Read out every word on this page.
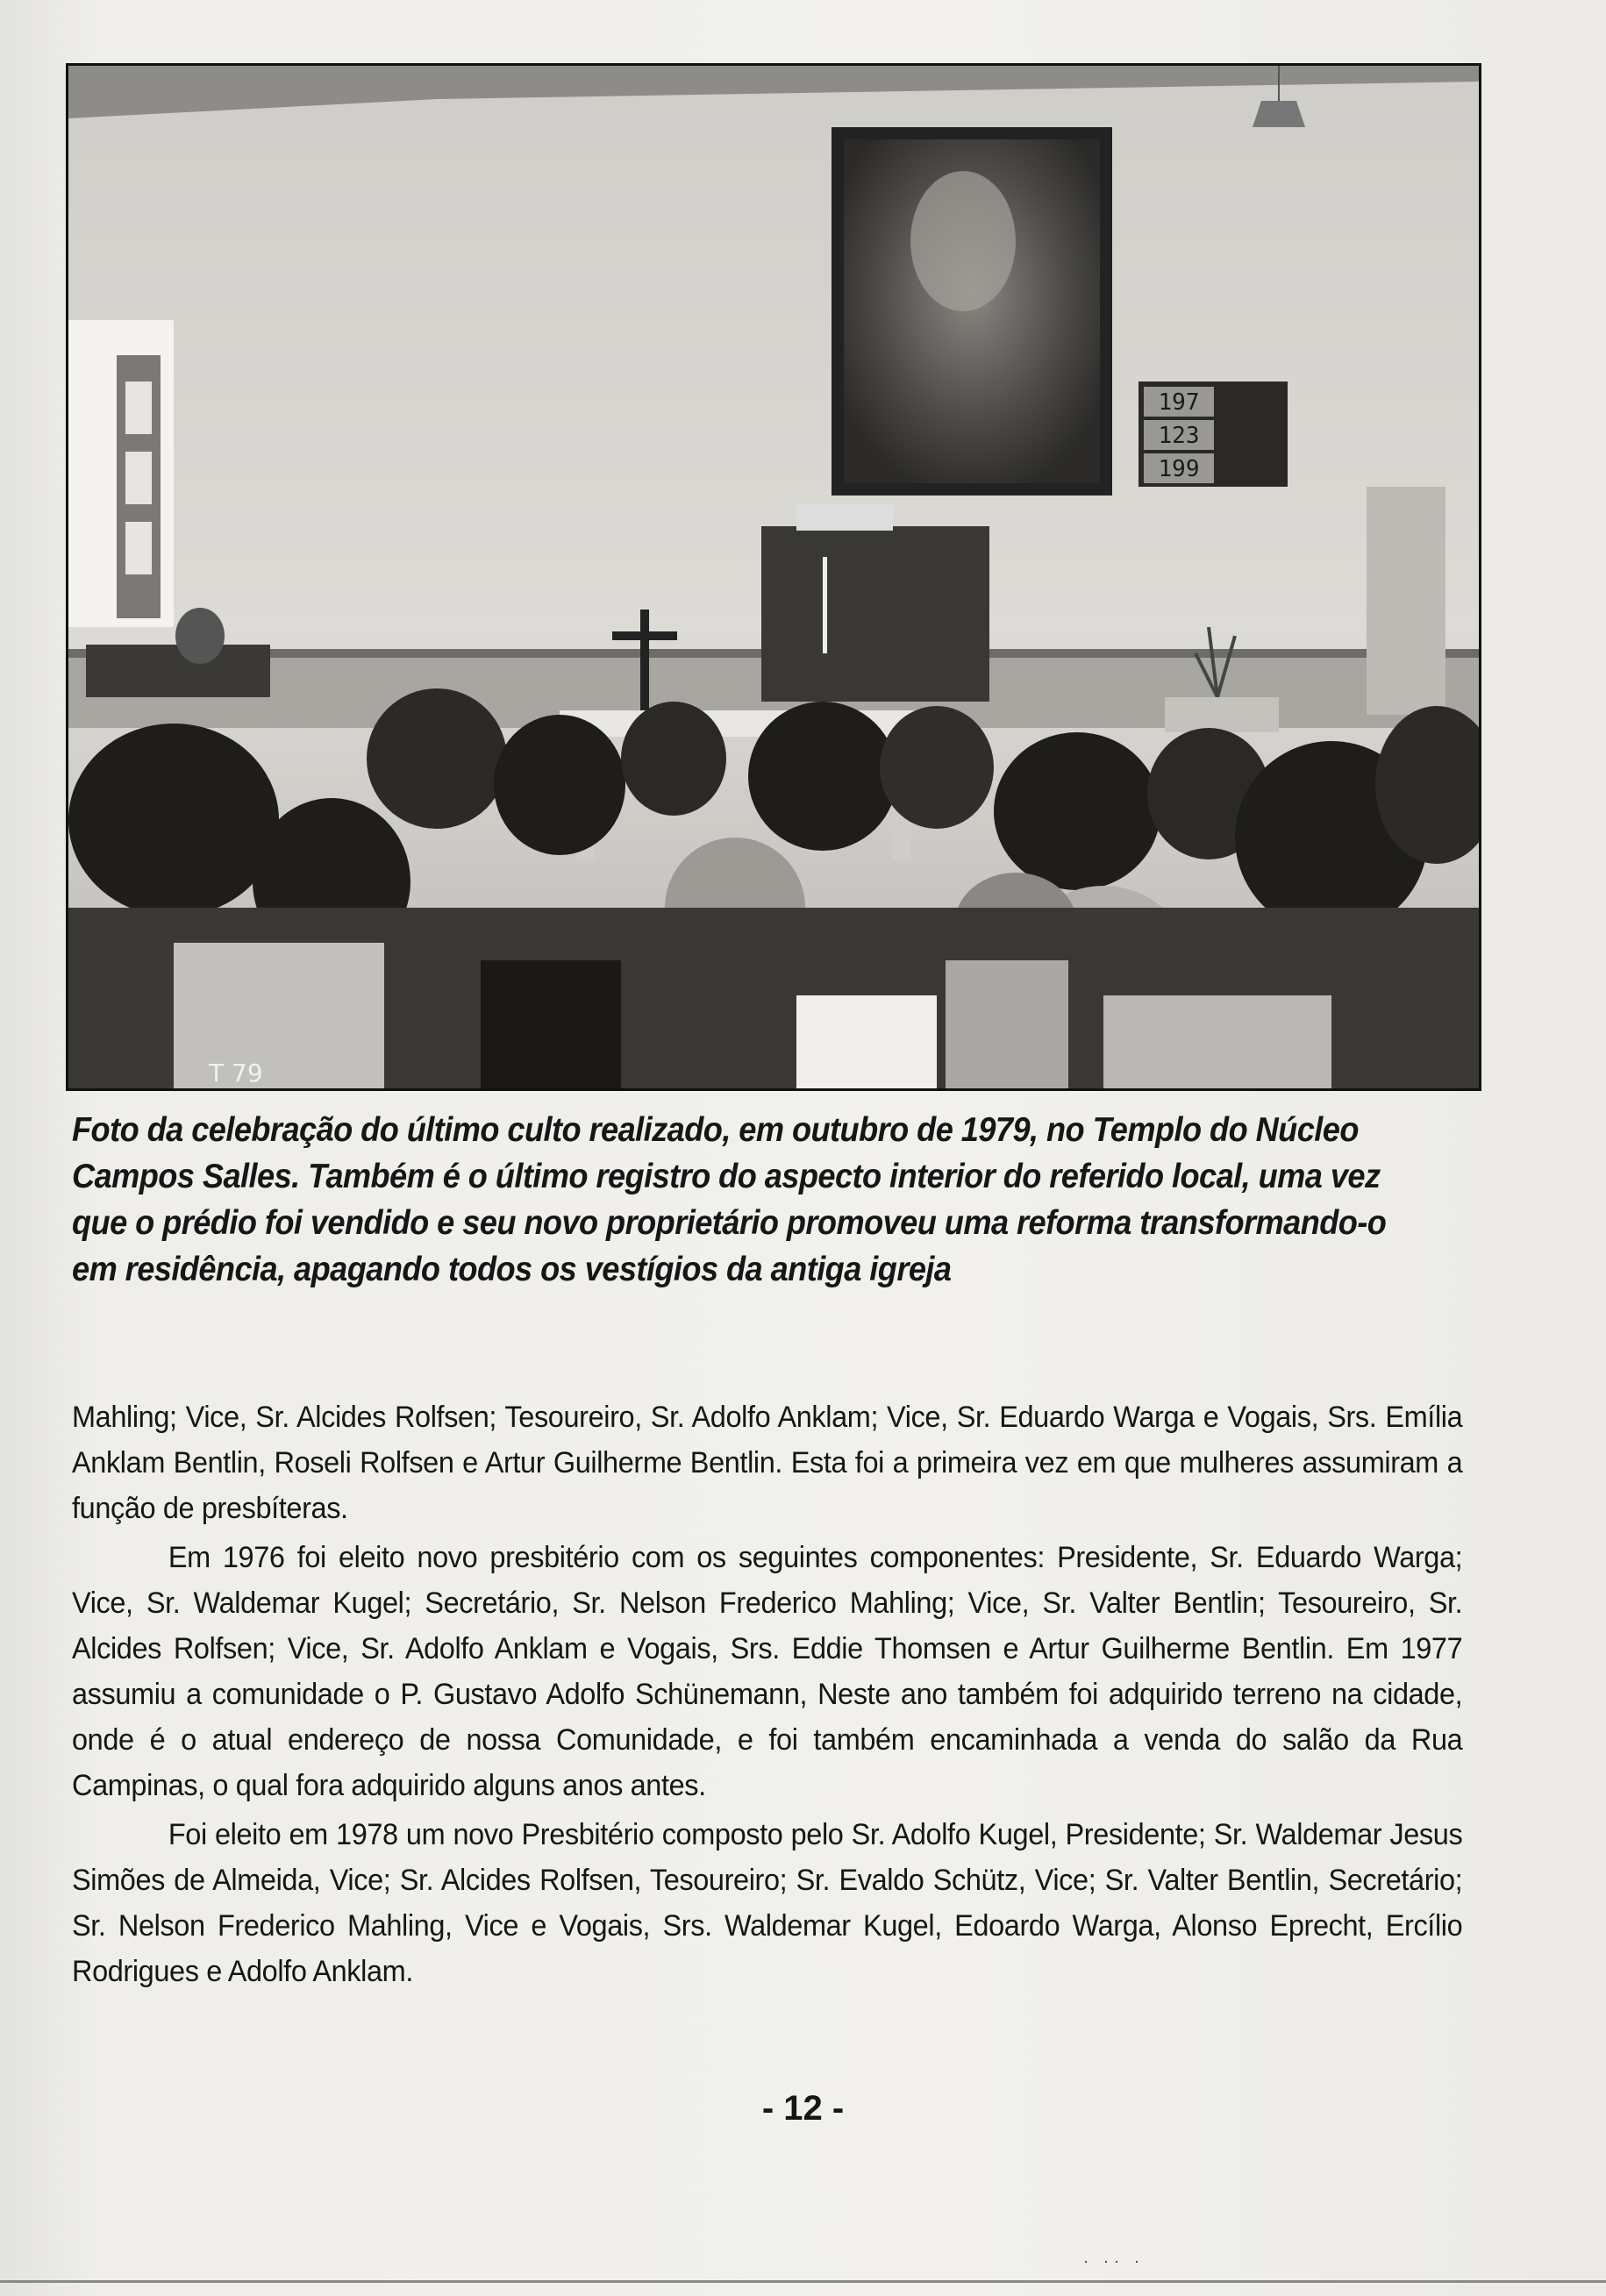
197
123
199
T 79

Foto da celebração do último culto realizado, em outubro de 1979, no Templo do Núcleo Campos Salles. Também é o último registro do aspecto interior do referido local, uma vez que o prédio foi vendido e seu novo proprietário promoveu uma reforma transformando-o em residência, apagando todos os vestígios da antiga igreja

Mahling; Vice, Sr. Alcides Rolfsen; Tesoureiro, Sr. Adolfo Anklam; Vice, Sr. Eduardo Warga e Vogais, Srs. Emília Anklam Bentlin, Roseli Rolfsen e Artur Guilherme Bentlin. Esta foi a primeira vez em que mulheres assumiram a função de presbíteras.

Em 1976 foi eleito novo presbitério com os seguintes componentes: Presidente, Sr. Eduardo Warga; Vice, Sr. Waldemar Kugel; Secretário, Sr. Nelson Frederico Mahling; Vice, Sr. Valter Bentlin; Tesoureiro, Sr. Alcides Rolfsen; Vice, Sr. Adolfo Anklam e Vogais, Srs. Eddie Thomsen e Artur Guilherme Bentlin. Em 1977 assumiu a comunidade o P. Gustavo Adolfo Schünemann, Neste ano também foi adquirido terreno na cidade, onde é o atual endereço de nossa Comunidade, e foi também encaminhada a venda do salão da Rua Campinas, o qual fora adquirido alguns anos antes.

Foi eleito em 1978 um novo Presbitério composto pelo Sr. Adolfo Kugel, Presidente; Sr. Waldemar Jesus Simões de Almeida, Vice; Sr. Alcides Rolfsen, Tesoureiro; Sr. Evaldo Schütz, Vice; Sr. Valter Bentlin, Secretário; Sr. Nelson Frederico Mahling, Vice e Vogais, Srs. Waldemar Kugel, Edoardo Warga, Alonso Eprecht, Ercílio Rodrigues e Adolfo Anklam.

- 12 -
· ·· ·
